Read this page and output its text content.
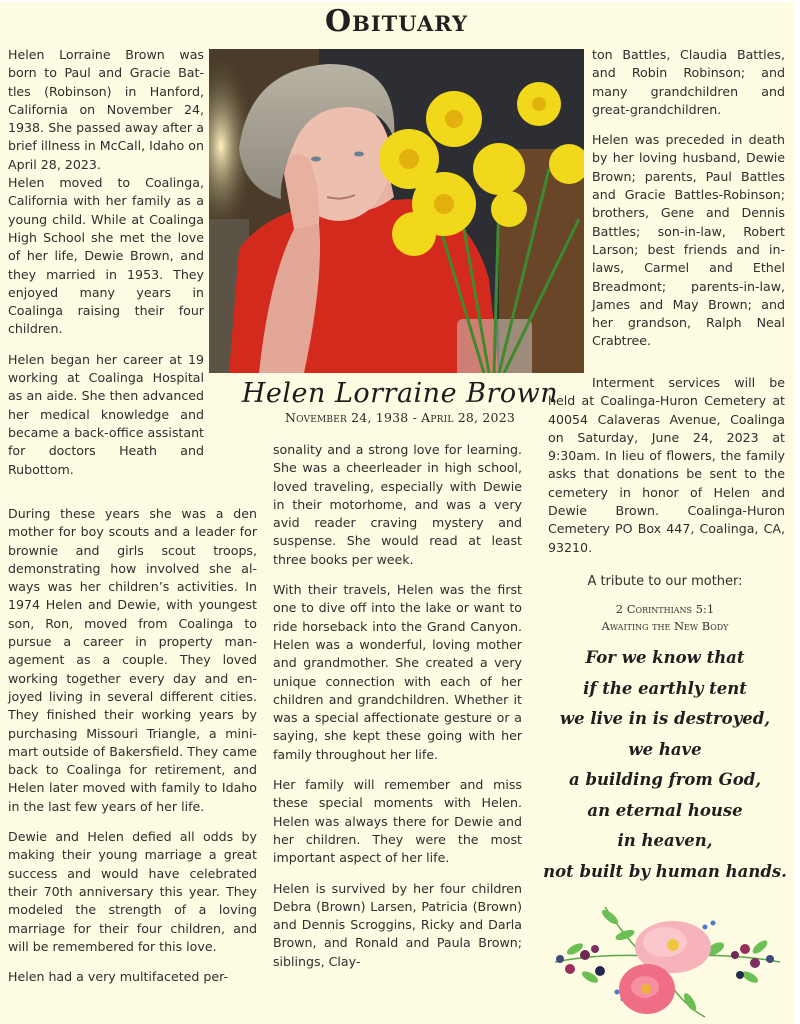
Obituary

Helen Lorraine Brown was born to Paul and Gracie Battles (Robinson) in Hanford, California on November 24, 1938. She passed away after a brief illness in McCall, Idaho on April 28, 2023.

Helen moved to Coalinga, California with her family as a young child. While at Coalinga High School she met the love of her life, Dewie Brown, and they married in 1953. They enjoyed many years in Coalinga raising their four children.

Helen began her career at 19 working at Coalinga Hospital as an aide. She then advanced her medical knowledge and became a back-office assistant for doctors Heath and Rubottom.

During these years she was a den mother for boy scouts and a leader for brownie and girls scout troops, demonstrating how involved she always was her children’s activities. In 1974 Helen and Dewie, with youngest son, Ron, moved from Coalinga to pursue a career in property management as a couple. They loved working together every day and enjoyed living in several different cities. They finished their working years by purchasing Missouri Triangle, a mini-mart outside of Bakersfield. They came back to Coalinga for retirement, and Helen later moved with family to Idaho in the last few years of her life.

Dewie and Helen defied all odds by making their young marriage a great success and would have celebrated their 70th anniversary this year. They modeled the strength of a loving marriage for their four children, and will be remembered for this love.

Helen had a very multifaceted per-

Helen Lorraine Brown
November 24, 1938 - April 28, 2023

sonality and a strong love for learning. She was a cheerleader in high school, loved traveling, especially with Dewie in their motorhome, and was a very avid reader craving mystery and suspense. She would read at least three books per week.

With their travels, Helen was the first one to dive off into the lake or want to ride horseback into the Grand Canyon. Helen was a wonderful, loving mother and grandmother. She created a very unique connection with each of her children and grandchildren. Whether it was a special affectionate gesture or a saying, she kept these going with her family throughout her life.

Her family will remember and miss these special moments with Helen. Helen was always there for Dewie and her children. They were the most important aspect of her life.

Helen is survived by her four children Debra (Brown) Larsen, Patricia (Brown) and Dennis Scroggins, Ricky and Darla Brown, and Ronald and Paula Brown; siblings, Clay-

ton Battles, Claudia Battles, and Robin Robinson; and many grandchildren and great-grandchildren.

Helen was preceded in death by her loving husband, Dewie Brown; parents, Paul Battles and Gracie Battles-Robinson; brothers, Gene and Dennis Battles; son-in-law, Robert Larson; best friends and in-laws, Carmel and Ethel Breadmont; parents-in-law, James and May Brown; and her grandson, Ralph Neal Crabtree.

Interment services will be held at Coalinga-Huron Cemetery at 40054 Calaveras Avenue, Coalinga on Saturday, June 24, 2023 at 9:30am. In lieu of flowers, the family asks that donations be sent to the cemetery in honor of Helen and Dewie Brown. Coalinga-Huron Cemetery PO Box 447, Coalinga, CA, 93210.

A tribute to our mother:
2 Corinthians 5:1
Awaiting the New Body
For we know that
if the earthly tent
we live in is destroyed,
we have
a building from God,
an eternal house
in heaven,
not built by human hands.
